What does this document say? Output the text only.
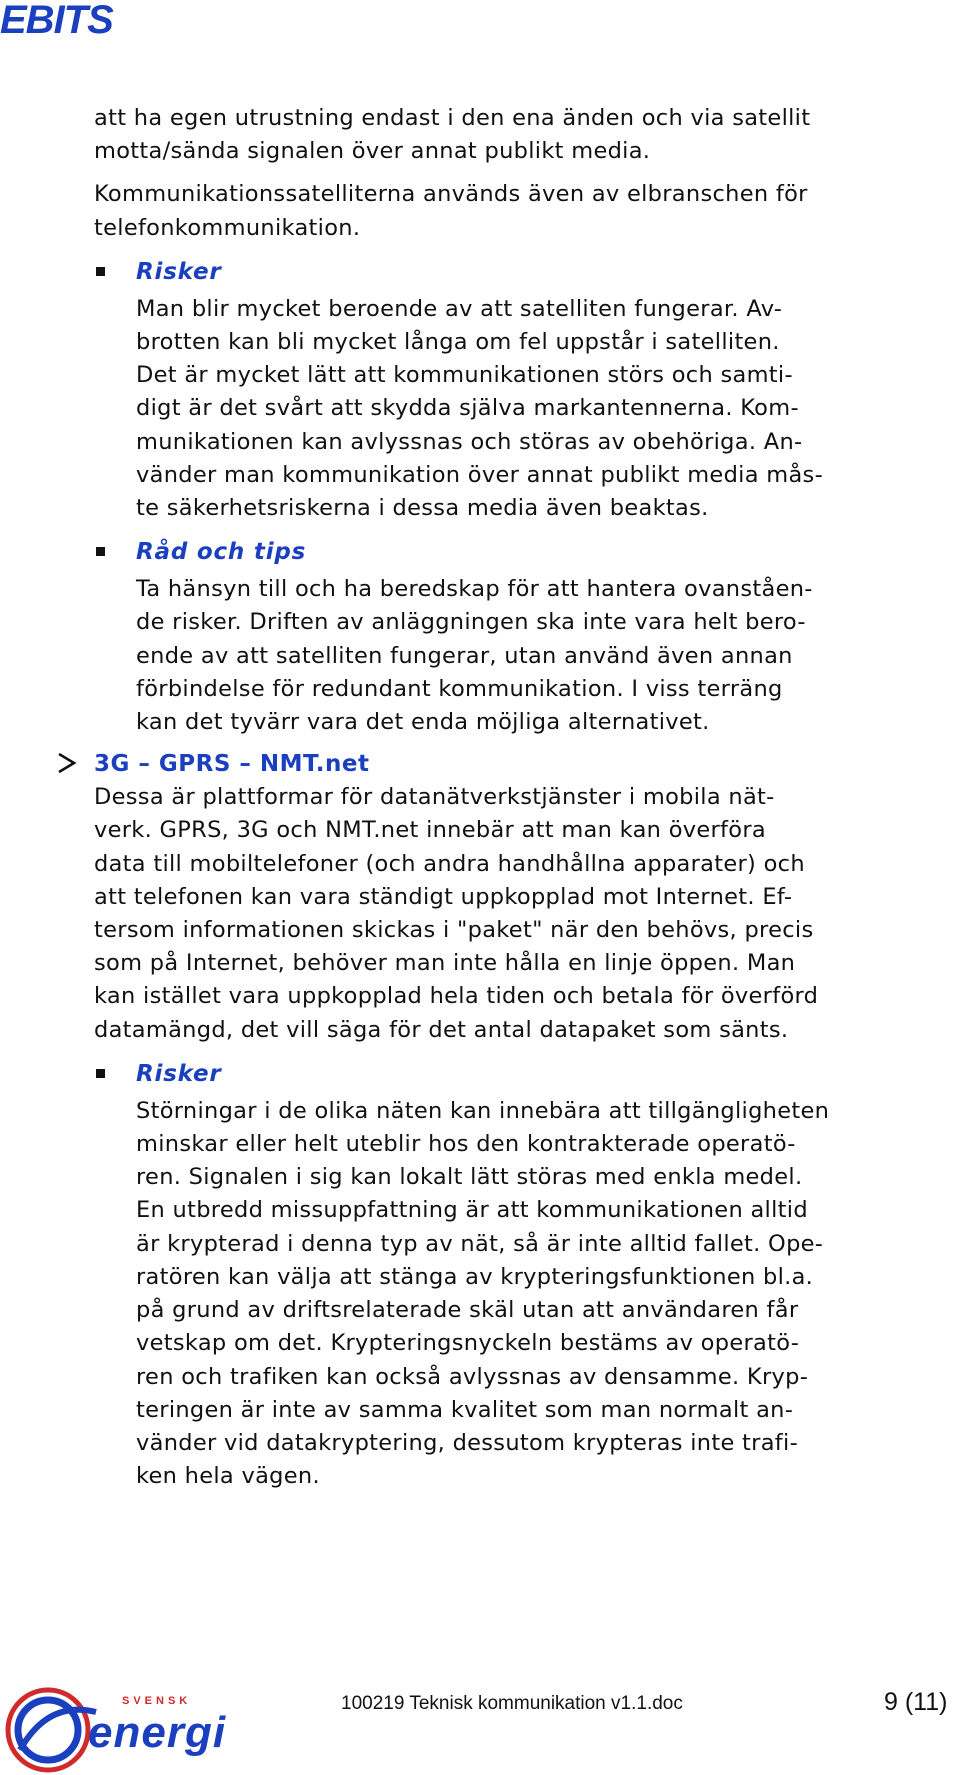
EBITS

att ha egen utrustning endast i den ena änden och via satellit
motta/sända signalen över annat publikt media.

Kommunikationssatelliterna används även av elbranschen för
telefonkommunikation.

Risker

Man blir mycket beroende av att satelliten fungerar. Av-
brotten kan bli mycket långa om fel uppstår i satelliten.
Det är mycket lätt att kommunikationen störs och samti-
digt är det svårt att skydda själva markantennerna. Kom-
munikationen kan avlyssnas och störas av obehöriga. An-
vänder man kommunikation över annat publikt media mås-
te säkerhetsriskerna i dessa media även beaktas.

Råd och tips

Ta hänsyn till och ha beredskap för att hantera ovanståen-
de risker. Driften av anläggningen ska inte vara helt bero-
ende av att satelliten fungerar, utan använd även annan
förbindelse för redundant kommunikation. I viss terräng
kan det tyvärr vara det enda möjliga alternativet.

3G – GPRS – NMT.net

Dessa är plattformar för datanätverkstjänster i mobila nät-
verk. GPRS, 3G och NMT.net innebär att man kan överföra
data till mobiltelefoner (och andra handhållna apparater) och
att telefonen kan vara ständigt uppkopplad mot Internet. Ef-
tersom informationen skickas i "paket" när den behövs, precis
som på Internet, behöver man inte hålla en linje öppen. Man
kan istället vara uppkopplad hela tiden och betala för överförd
datamängd, det vill säga för det antal datapaket som sänts.

Risker

Störningar i de olika näten kan innebära att tillgängligheten
minskar eller helt uteblir hos den kontrakterade operatö-
ren. Signalen i sig kan lokalt lätt störas med enkla medel.
En utbredd missuppfattning är att kommunikationen alltid
är krypterad i denna typ av nät, så är inte alltid fallet. Ope-
ratören kan välja att stänga av krypteringsfunktionen bl.a.
på grund av driftsrelaterade skäl utan att användaren får
vetskap om det. Krypteringsnyckeln bestäms av operatö-
ren och trafiken kan också avlyssnas av densamme. Kryp-
teringen är inte av samma kvalitet som man normalt an-
vänder vid datakryptering, dessutom krypteras inte trafi-
ken hela vägen.

SVENSK
energi
100219 Teknisk kommunikation v1.1.doc	9 (11)
